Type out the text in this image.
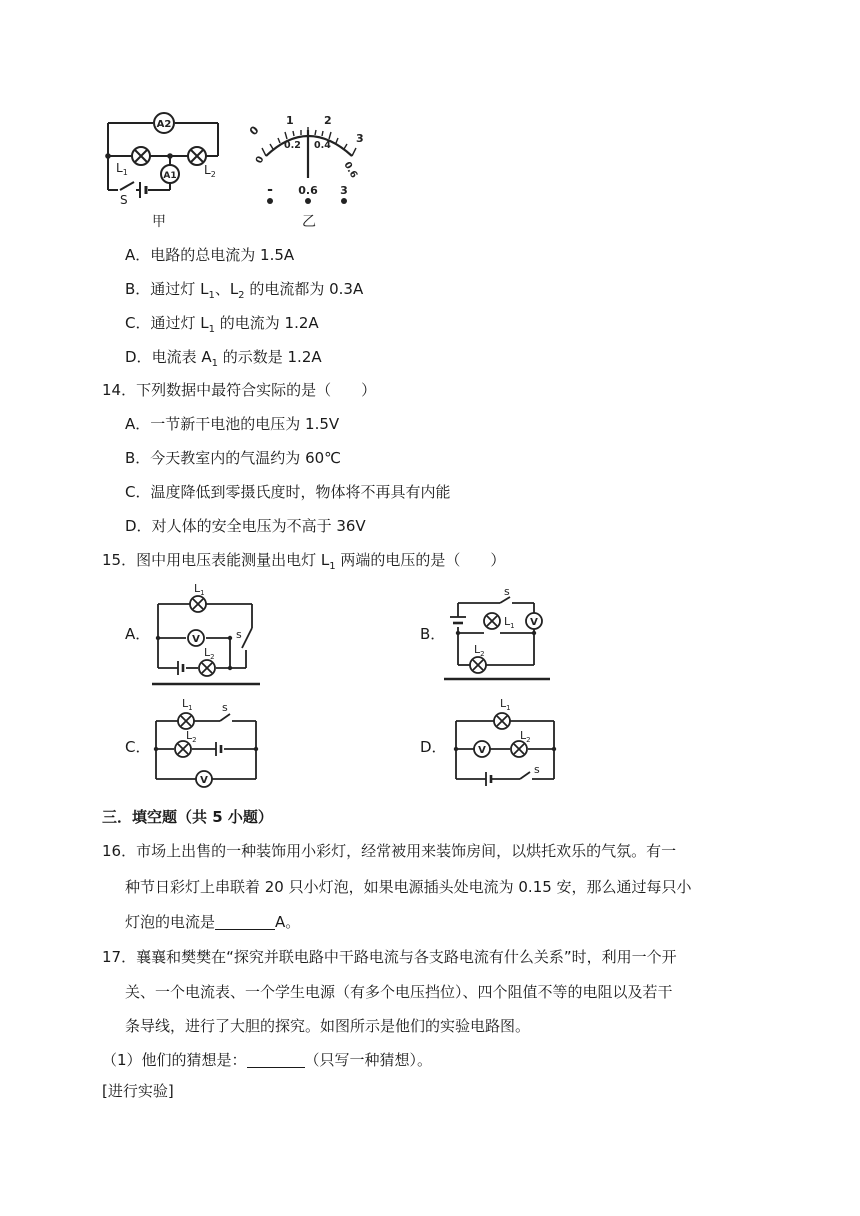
A2
A1
$L_1$	$L_2$
S
甲
0
1	2
3
0
0.2 0.4
0.6
- 0.6 3
乙
A．电路的总电流为 1.5A
B．通过灯 $L_1$、$L_2$ 的电流都为 0.3A
C．通过灯 $L_1$ 的电流为 1.2A
D．电流表 $A_1$ 的示数是 1.2A
14．下列数据中最符合实际的是（　　）
A．一节新干电池的电压为 1.5V
B．今天教室内的气温约为 60℃
C．温度降低到零摄氏度时，物体将不再具有内能
D．对人体的安全电压为不高于 36V
15．图中用电压表能测量出电灯 $L_1$ 两端的电压的是（　　）
A．	V
$L_1$
$L_2$
s	B．
V
s
$L_1$
$L_2$
C．
V
$L_1$
$L_2$
s
D．	V
$L_1$
$L_2$
s
三．填空题（共 5 小题）
16．市场上出售的一种装饰用小彩灯，经常被用来装饰房间，以烘托欢乐的气氛。有一
种节日彩灯上串联着 20 只小灯泡，如果电源插头处电流为 0.15 安，那么通过每只小
灯泡的电流是	A。
17．襄襄和樊樊在“探究并联电路中干路电流与各支路电流有什么关系”时，利用一个开
关、一个电流表、一个学生电源（有多个电压挡位）、四个阻值不等的电阻以及若干
条导线，进行了大胆的探究。如图所示是他们的实验电路图。
（1）他们的猜想是：	（只写一种猜想）。
[进行实验]
